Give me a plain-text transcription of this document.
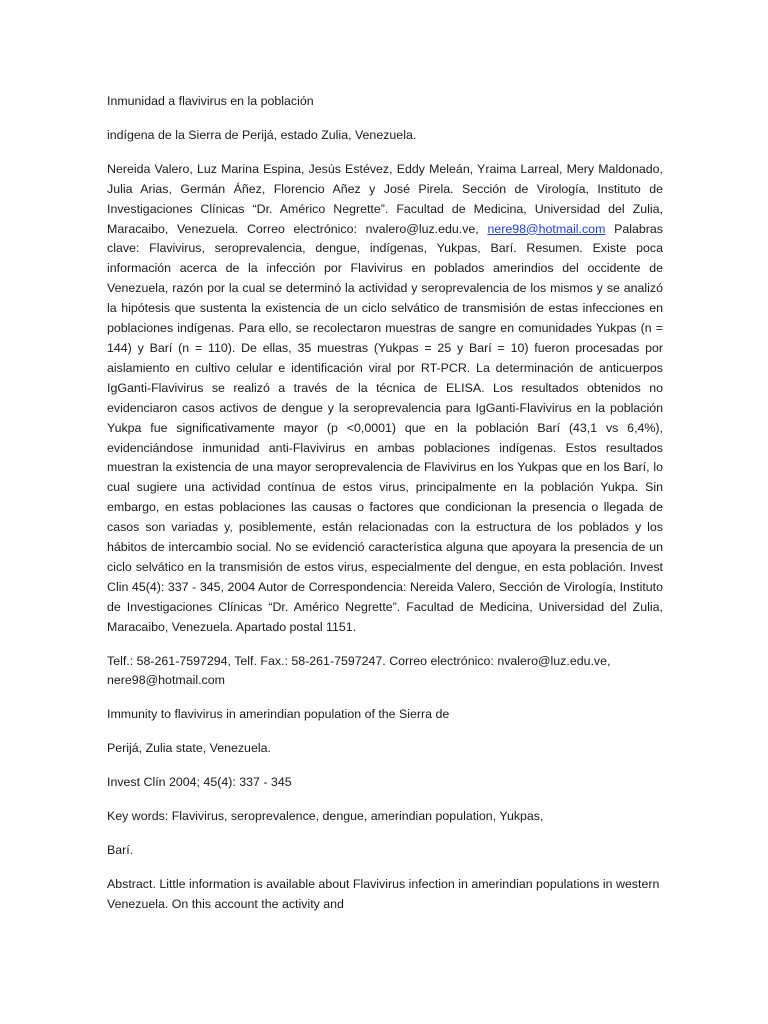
Inmunidad a flavivirus en la población

indígena de la Sierra de Perijá, estado Zulia, Venezuela.

Nereida Valero, Luz Marina Espina, Jesús Estévez, Eddy Meleán, Yraima Larreal, Mery Maldonado, Julia Arias, Germán Áñez, Florencio Añez y José Pirela. Sección de Virología, Instituto de Investigaciones Clínicas “Dr. Américo Negrette”. Facultad de Medicina, Universidad del Zulia, Maracaibo, Venezuela. Correo electrónico: nvalero@luz.edu.ve, nere98@hotmail.com Palabras clave: Flavivirus, seroprevalencia, dengue, indígenas, Yukpas, Barí. Resumen. Existe poca información acerca de la infección por Flavivirus en poblados amerindios del occidente de Venezuela, razón por la cual se determinó la actividad y seroprevalencia de los mismos y se analizó la hipótesis que sustenta la existencia de un ciclo selvático de transmisión de estas infecciones en poblaciones indígenas. Para ello, se recolectaron muestras de sangre en comunidades Yukpas (n = 144) y Barí (n = 110). De ellas, 35 muestras (Yukpas = 25 y Barí = 10) fueron procesadas por aislamiento en cultivo celular e identificación viral por RT-PCR. La determinación de anticuerpos IgGanti-Flavivirus se realizó a través de la técnica de ELISA. Los resultados obtenidos no evidenciaron casos activos de dengue y la seroprevalencia para IgGanti-Flavivirus en la población Yukpa fue significativamente mayor (p <0,0001) que en la población Barí (43,1 vs 6,4%), evidenciándose inmunidad anti-Flavivirus en ambas poblaciones indígenas. Estos resultados muestran la existencia de una mayor seroprevalencia de Flavivirus en los Yukpas que en los Barí, lo cual sugiere una actividad contínua de estos virus, principalmente en la población Yukpa. Sin embargo, en estas poblaciones las causas o factores que condicionan la presencia o llegada de casos son variadas y, posiblemente, están relacionadas con la estructura de los poblados y los hábitos de intercambio social. No se evidenció característica alguna que apoyara la presencia de un ciclo selvático en la transmisión de estos virus, especialmente del dengue, en esta población. Invest Clin 45(4): 337 - 345, 2004 Autor de Correspondencia: Nereida Valero, Sección de Virología, Instituto de Investigaciones Clínicas “Dr. Américo Negrette”. Facultad de Medicina, Universidad del Zulia, Maracaibo, Venezuela. Apartado postal 1151.

Telf.: 58-261-7597294, Telf. Fax.: 58-261-7597247. Correo electrónico: nvalero@luz.edu.ve, nere98@hotmail.com

Immunity to flavivirus in amerindian population of the Sierra de

Perijá, Zulia state, Venezuela.

Invest Clín 2004; 45(4): 337 - 345

Key words: Flavivirus, seroprevalence, dengue, amerindian population, Yukpas,

Barí.

Abstract. Little information is available about Flavivirus infection in amerindian populations in western Venezuela. On this account the activity and
